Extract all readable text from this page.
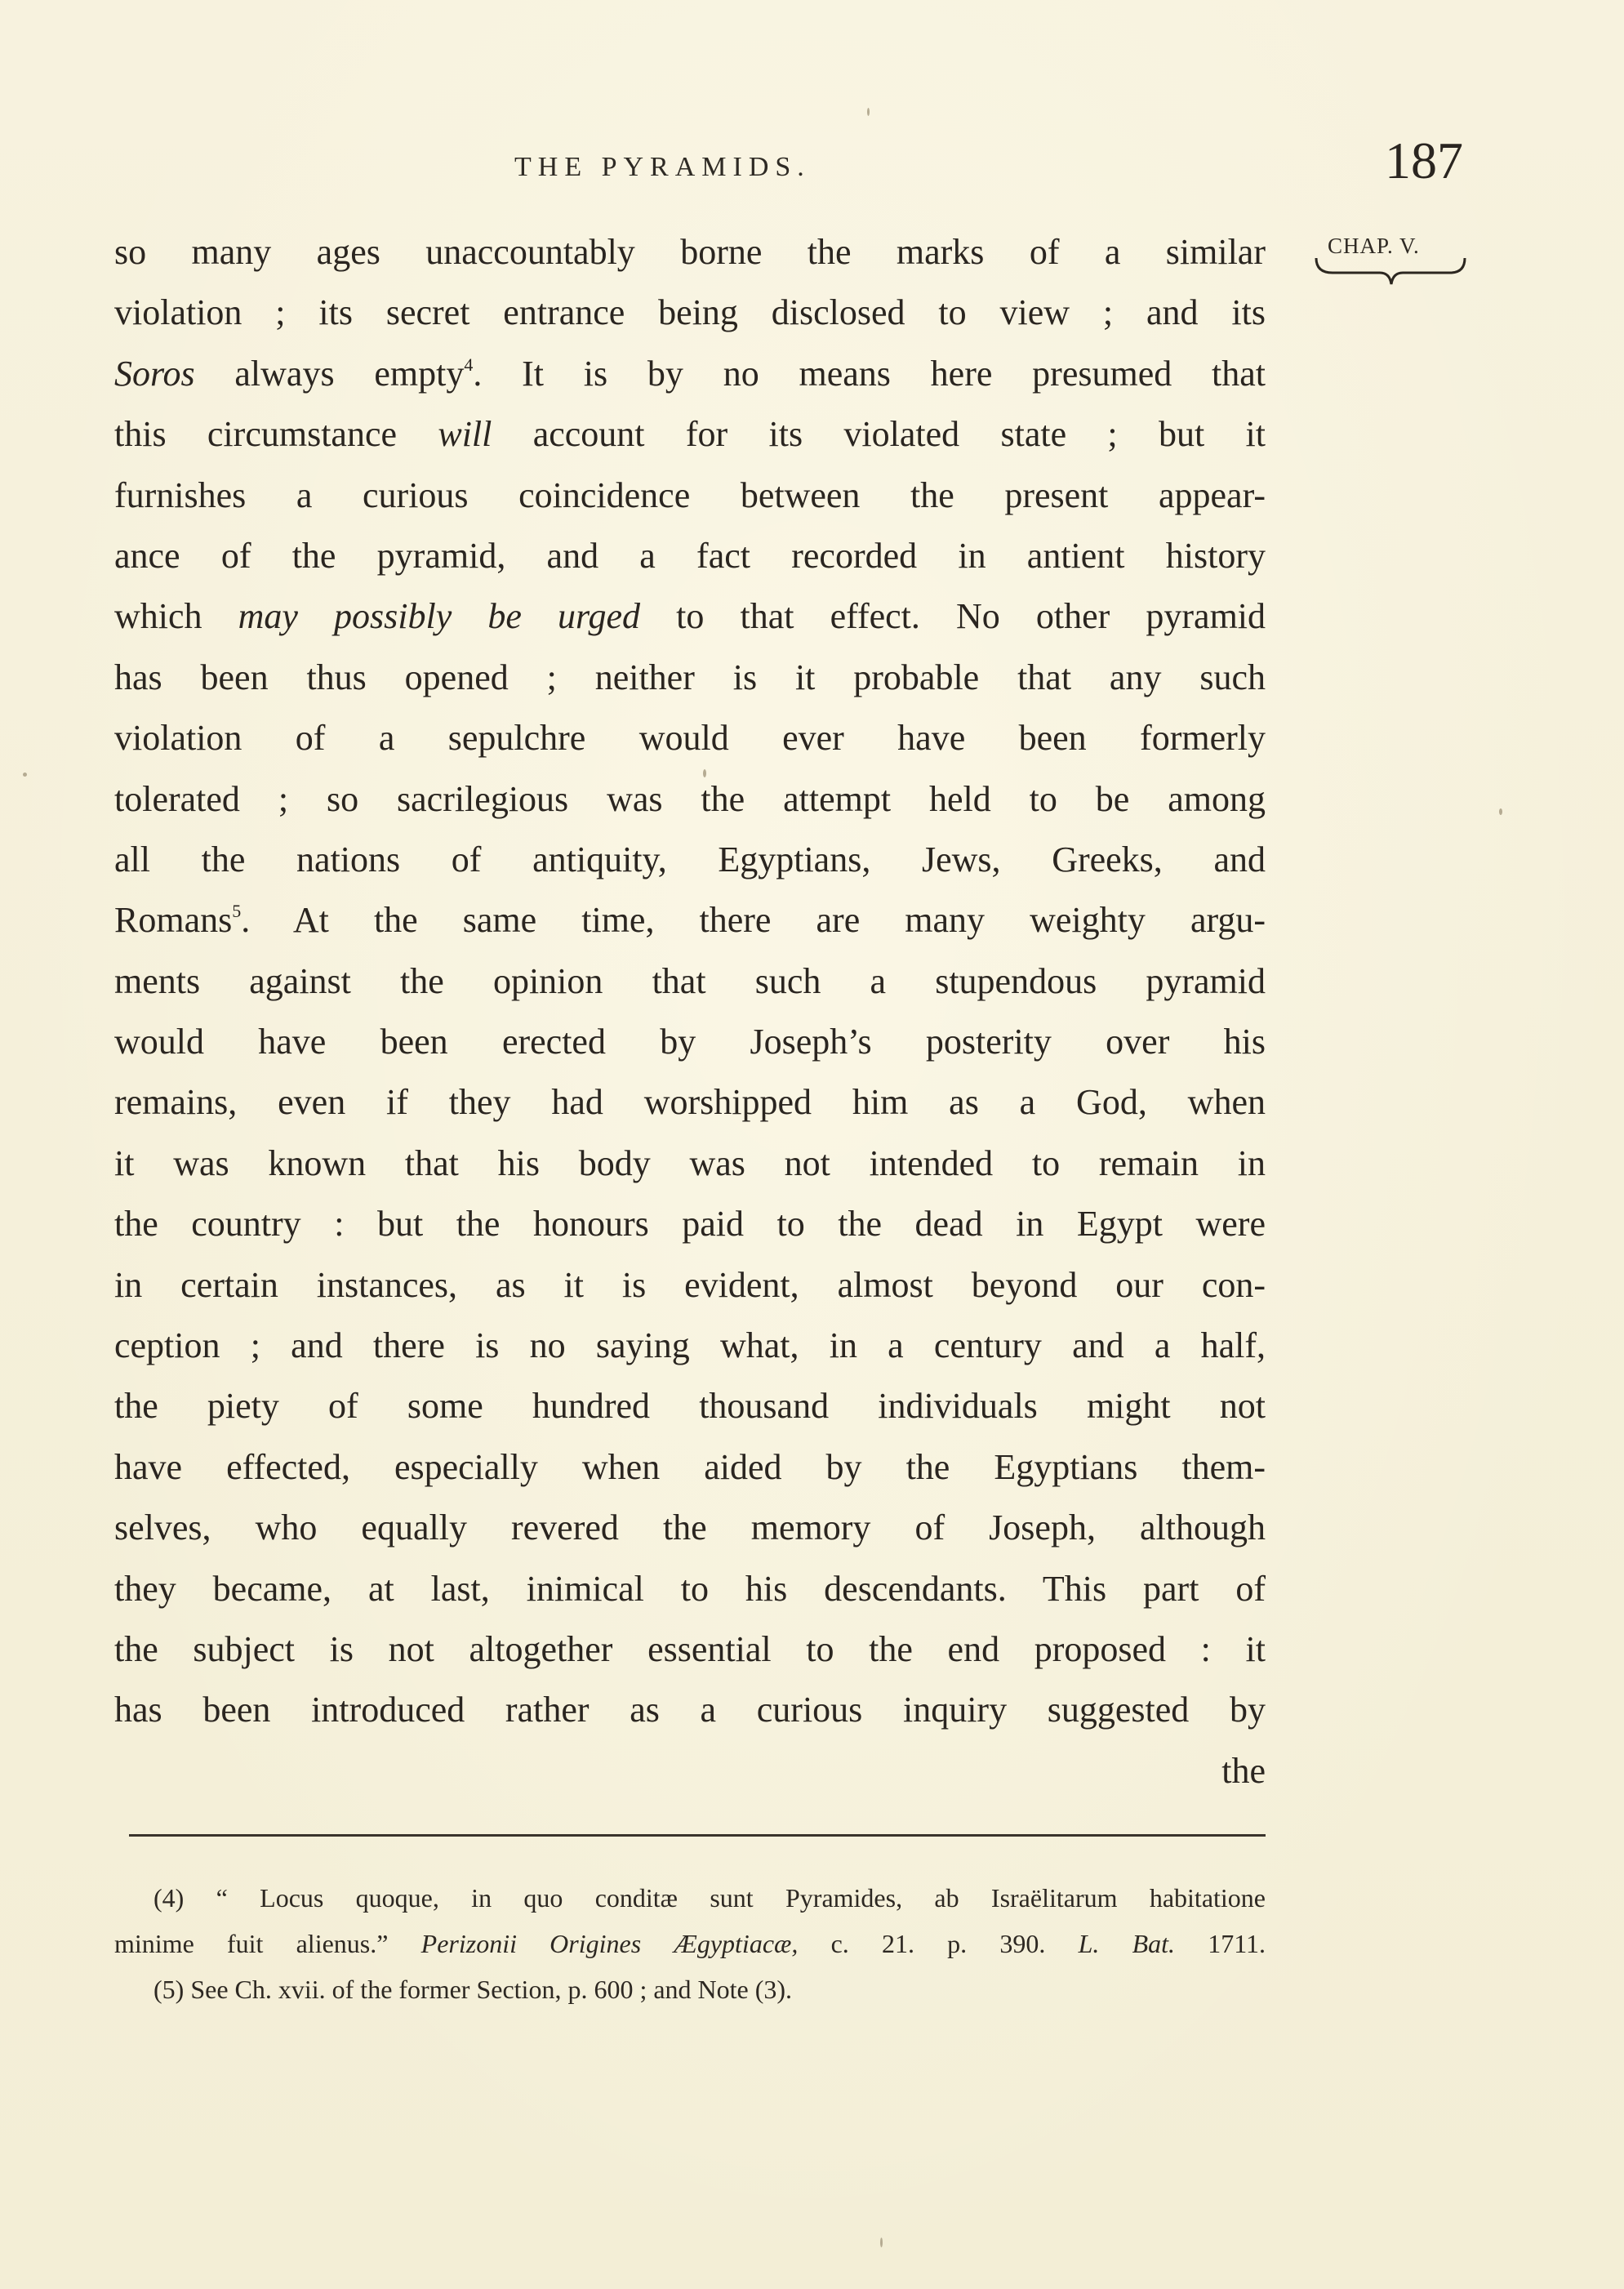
THE PYRAMIDS.	187
CHAP. V.
so many ages unaccountably borne the marks of a similar
violation ; its secret entrance being disclosed to view ; and its
Soros always empty$^4$. It is by no means here presumed that
this circumstance will account for its violated state ; but it
furnishes a curious coincidence between the present appear-
ance of the pyramid, and a fact recorded in antient history
which may possibly be urged to that effect. No other pyramid
has been thus opened ; neither is it probable that any such
violation of a sepulchre would ever have been formerly
tolerated ; so sacrilegious was the attempt held to be among
all the nations of antiquity, Egyptians, Jews, Greeks, and
Romans$^5$. At the same time, there are many weighty argu-
ments against the opinion that such a stupendous pyramid
would have been erected by Joseph’s posterity over his
remains, even if they had worshipped him as a God, when
it was known that his body was not intended to remain in
the country : but the honours paid to the dead in Egypt were
in certain instances, as it is evident, almost beyond our con-
ception ; and there is no saying what, in a century and a half,
the piety of some hundred thousand individuals might not
have effected, especially when aided by the Egyptians them-
selves, who equally revered the memory of Joseph, although
they became, at last, inimical to his descendants. This part of
the subject is not altogether essential to the end proposed : it
has been introduced rather as a curious inquiry suggested by
the
(4) “ Locus quoque, in quo conditæ sunt Pyramides, ab Israëlitarum habitatione
minime fuit alienus.” Perizonii Origines Ægyptiacæ, c. 21. p. 390. L. Bat. 1711.
(5) See Ch. xvii. of the former Section, p. 600 ; and Note (3).
